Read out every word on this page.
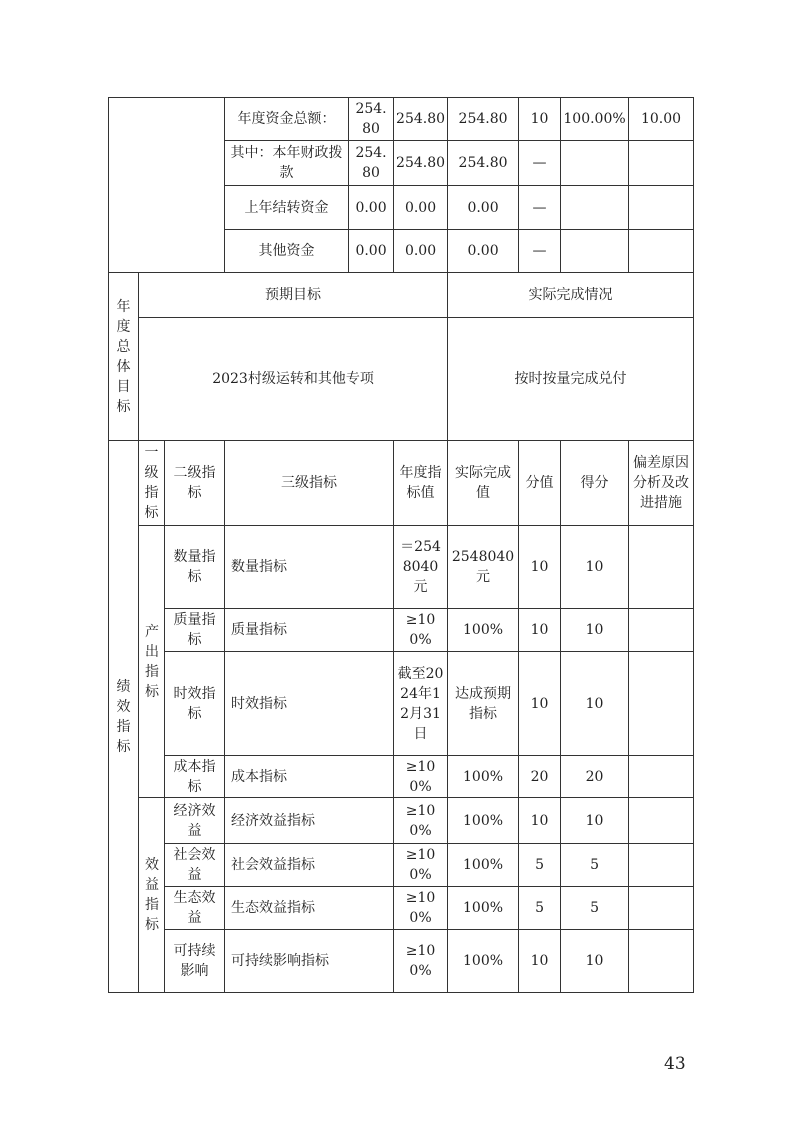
			年度资金总额：	254.80	254.80	254.80	10	100.00%	10.00
			其中：本年财政拨款	254.80	254.80	254.80	—		
			上年结转资金	0.00	0.00	0.00	—		
			其他资金	0.00	0.00	0.00	—		
年度总体目标	预期目标					实际完成情况			
	2023村级运转和其他专项					按时按量完成兑付			
绩效指标	一级指标	二级指标	三级指标		年度指标值	实际完成值	分值	得分	偏差原因分析及改进措施
	产出指标	数量指标	数量指标		＝2548040元	2548040元	10	10	
		质量指标	质量指标		≥100%	100%	10	10	
		时效指标	时效指标		截至2024年12月31日	达成预期指标	10	10	
		成本指标	成本指标		≥100%	100%	20	20	
	效益指标	经济效益	经济效益指标		≥100%	100%	10	10	
		社会效益	社会效益指标		≥100%	100%	5	5	
		生态效益	生态效益指标		≥100%	100%	5	5	
		可持续影响	可持续影响指标		≥100%	100%	10	10	
43
